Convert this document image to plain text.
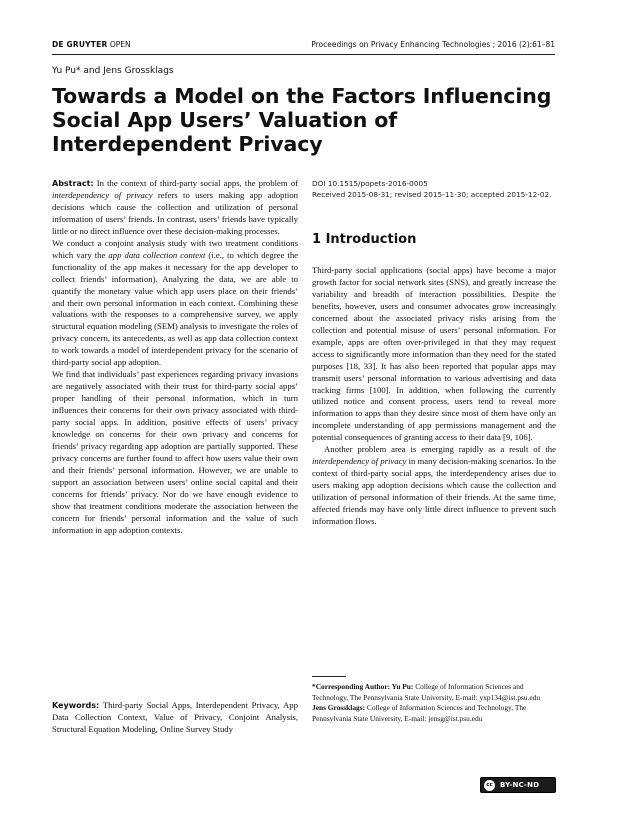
DE GRUYTER OPEN	Proceedings on Privacy Enhancing Technologies ; 2016 (2):61–81
Yu Pu* and Jens Grossklags
Towards a Model on the Factors Influencing Social App Users’ Valuation of Interdependent Privacy

Abstract: In the context of third-party social apps, the problem of interdependency of privacy refers to users making app adoption decisions which cause the collection and utilization of personal information of users’ friends. In contrast, users’ friends have typically little or no direct influence over these decision-making processes.

We conduct a conjoint analysis study with two treatment conditions which vary the app data collection context (i.e., to which degree the functionality of the app makes it necessary for the app developer to collect friends’ information). Analyzing the data, we are able to quantify the monetary value which app users place on their friends’ and their own personal information in each context. Combining these valuations with the responses to a comprehensive survey, we apply structural equation modeling (SEM) analysis to investigate the roles of privacy concern, its antecedents, as well as app data collection context to work towards a model of interdependent privacy for the scenario of third-party social app adoption.

We find that individuals’ past experiences regarding privacy invasions are negatively associated with their trust for third-party social apps’ proper handling of their personal information, which in turn influences their concerns for their own privacy associated with third-party social apps. In addition, positive effects of users’ privacy knowledge on concerns for their own privacy and concerns for friends’ privacy regarding app adoption are partially supported. These privacy concerns are further found to affect how users value their own and their friends’ personal information. However, we are unable to support an association between users’ online social capital and their concerns for friends’ privacy. Nor do we have enough evidence to show that treatment conditions moderate the association between the concern for friends’ personal information and the value of such information in app adoption contexts.

Keywords: Third-party Social Apps, Interdependent Privacy, App Data Collection Context, Value of Privacy, Conjoint Analysis, Structural Equation Modeling, Online Survey Study

DOI 10.1515/popets-2016-0005
Received 2015-08-31; revised 2015-11-30; accepted 2015-12-02.
1 Introduction

Third-party social applications (social apps) have become a major growth factor for social network sites (SNS), and greatly increase the variability and breadth of interaction possibilities. Despite the benefits, however, users and consumer advocates grow increasingly concerned about the associated privacy risks arising from the collection and potential misuse of users’ personal information. For example, apps are often over-privileged in that they may request access to significantly more information than they need for the stated purposes [18, 33]. It has also been reported that popular apps may transmit users’ personal information to various advertising and data tracking firms [100]. In addition, when following the currently utilized notice and consent process, users tend to reveal more information to apps than they desire since most of them have only an incomplete understanding of app permissions management and the potential consequences of granting access to their data [9, 106].

Another problem area is emerging rapidly as a result of the interdependency of privacy in many decision-making scenarios. In the context of third-party social apps, the interdependency arises due to users making app adoption decisions which cause the collection and utilization of personal information of their friends. At the same time, affected friends may have only little direct influence to prevent such information flows.

*Corresponding Author: Yu Pu: College of Information Sciences and Technology, The Pennsylvania State University, E-mail: yxp134@ist.psu.edu

Jens Grossklags: College of Information Sciences and Technology, The Pennsylvania State University, E-mail: jensg@ist.psu.edu

cc	BY-NC-ND
